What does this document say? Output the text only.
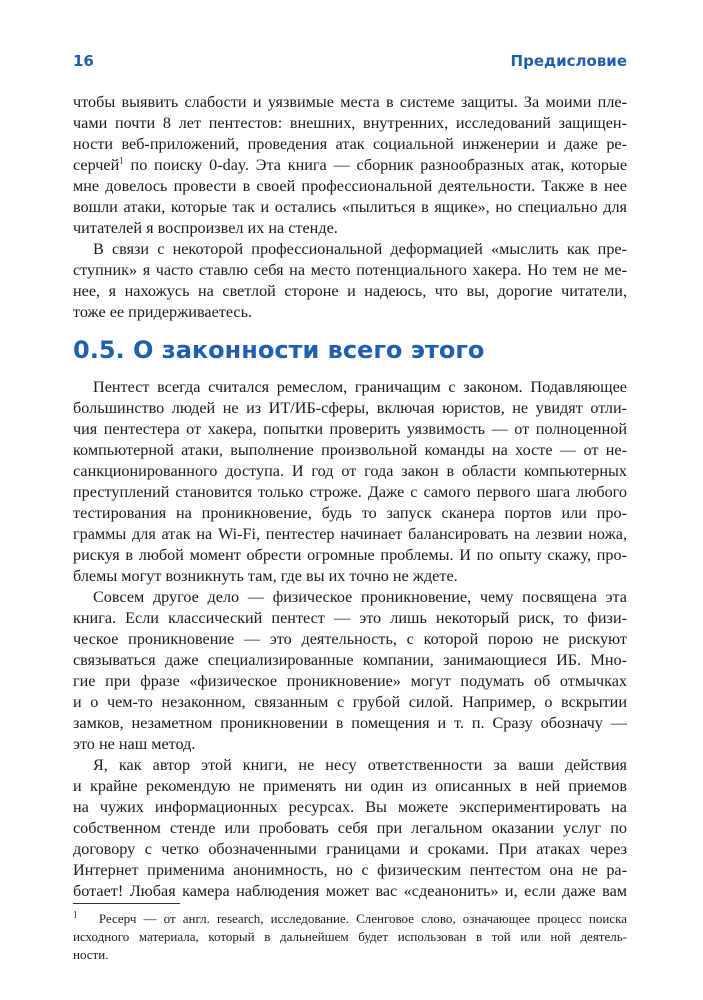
16	Предисловие
чтобы выявить слабости и уязвимые места в системе защиты. За моими пле-
чами почти 8 лет пентестов: внешних, внутренних, исследований защищен-
ности веб-приложений, проведения атак социальной инженерии и даже ре-
серчей$^1$ по поиску 0-day. Эта книга — сборник разнообразных атак, которые
мне довелось провести в своей профессиональной деятельности. Также в нее
вошли атаки, которые так и остались «пылиться в ящике», но специально для
читателей я воспроизвел их на стенде.
В связи с некоторой профессиональной деформацией «мыслить как пре-
ступник» я часто ставлю себя на место потенциального хакера. Но тем не ме-
нее, я нахожусь на светлой стороне и надеюсь, что вы, дорогие читатели,
тоже ее придерживаетесь.
0.5. О законности всего этого
Пентест всегда считался ремеслом, граничащим с законом. Подавляющее
большинство людей не из ИТ/ИБ-сферы, включая юристов, не увидят отли-
чия пентестера от хакера, попытки проверить уязвимость — от полноценной
компьютерной атаки, выполнение произвольной команды на хосте — от не-
санкционированного доступа. И год от года закон в области компьютерных
преступлений становится только строже. Даже с самого первого шага любого
тестирования на проникновение, будь то запуск сканера портов или про-
граммы для атак на Wi-Fi, пентестер начинает балансировать на лезвии ножа,
рискуя в любой момент обрести огромные проблемы. И по опыту скажу, про-
блемы могут возникнуть там, где вы их точно не ждете.
Совсем другое дело — физическое проникновение, чему посвящена эта
книга. Если классический пентест — это лишь некоторый риск, то физи-
ческое проникновение — это деятельность, с которой порою не рискуют
связываться даже специализированные компании, занимающиеся ИБ. Мно-
гие при фразе «физическое проникновение» могут подумать об отмычках
и о чем-то незаконном, связанным с грубой силой. Например, о вскрытии
замков, незаметном проникновении в помещения и т. п. Сразу обозначу —
это не наш метод.
Я, как автор этой книги, не несу ответственности за ваши действия
и крайне рекомендую не применять ни один из описанных в ней приемов
на чужих информационных ресурсах. Вы можете экспериментировать на
собственном стенде или пробовать себя при легальном оказании услуг по
договору с четко обозначенными границами и сроками. При атаках через
Интернет применима анонимность, но с физическим пентестом она не ра-
ботает! Любая камера наблюдения может вас «сдеанонить» и, если даже вам
$^1$ Ресерч — от англ. research, исследование. Сленговое слово, означающее процесс поиска
исходного материала, который в дальнейшем будет использован в той или ной деятель-
ности.
